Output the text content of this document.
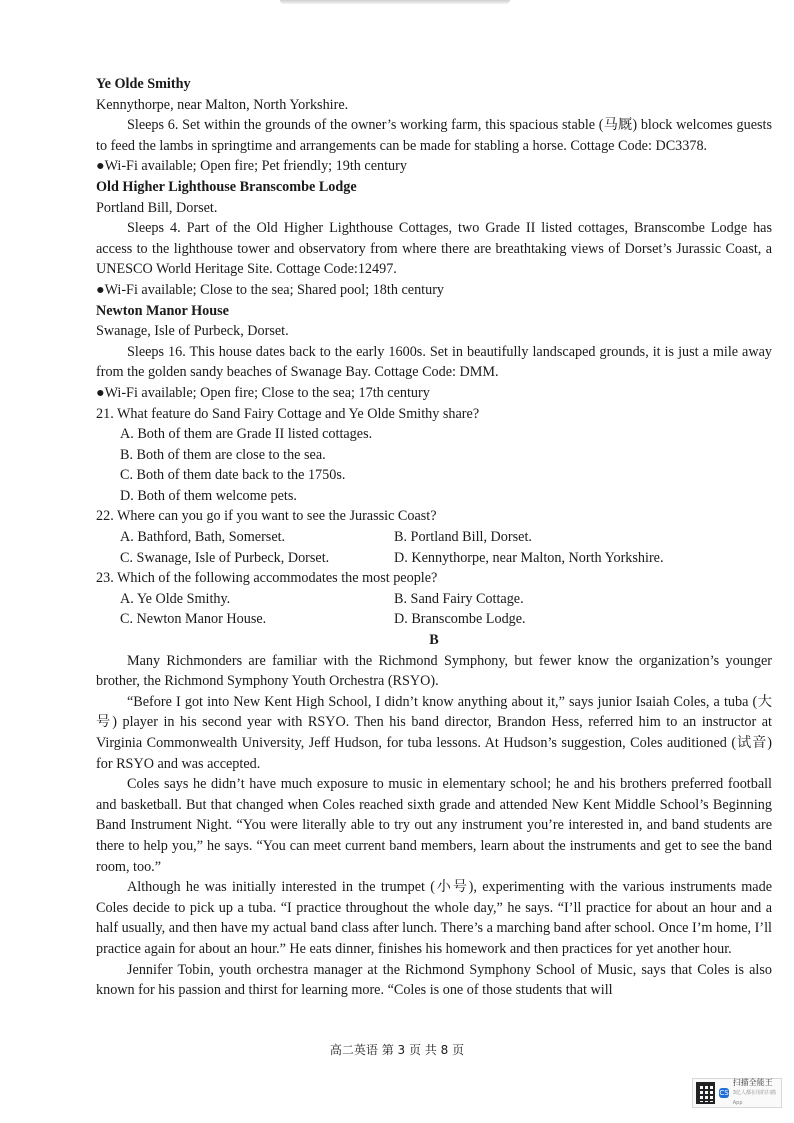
Ye Olde Smithy

Kennythorpe, near Malton, North Yorkshire.

Sleeps 6. Set within the grounds of the owner’s working farm, this spacious stable (马厩) block welcomes guests to feed the lambs in springtime and arrangements can be made for stabling a horse. Cottage Code: DC3378.

●Wi-Fi available; Open fire; Pet friendly; 19th century

Old Higher Lighthouse Branscombe Lodge

Portland Bill, Dorset.

Sleeps 4. Part of the Old Higher Lighthouse Cottages, two Grade II listed cottages, Branscombe Lodge has access to the lighthouse tower and observatory from where there are breathtaking views of Dorset’s Jurassic Coast, a UNESCO World Heritage Site. Cottage Code:12497.

●Wi-Fi available; Close to the sea; Shared pool; 18th century

Newton Manor House

Swanage, Isle of Purbeck, Dorset.

Sleeps 16. This house dates back to the early 1600s. Set in beautifully landscaped grounds, it is just a mile away from the golden sandy beaches of Swanage Bay. Cottage Code: DMM.

●Wi-Fi available; Open fire; Close to the sea; 17th century

21. What feature do Sand Fairy Cottage and Ye Olde Smithy share?

A. Both of them are Grade II listed cottages.

B. Both of them are close to the sea.

C. Both of them date back to the 1750s.

D. Both of them welcome pets.

22. Where can you go if you want to see the Jurassic Coast?

A. Bathford, Bath, Somerset.	B. Portland Bill, Dorset.
C. Swanage, Isle of Purbeck, Dorset.	D. Kennythorpe, near Malton, North Yorkshire.

23. Which of the following accommodates the most people?

A. Ye Olde Smithy.	B. Sand Fairy Cottage.
C. Newton Manor House.	D. Branscombe Lodge.

B

Many Richmonders are familiar with the Richmond Symphony, but fewer know the organization’s younger brother, the Richmond Symphony Youth Orchestra (RSYO).

“Before I got into New Kent High School, I didn’t know anything about it,” says junior Isaiah Coles, a tuba (大号) player in his second year with RSYO. Then his band director, Brandon Hess, referred him to an instructor at Virginia Commonwealth University, Jeff Hudson, for tuba lessons. At Hudson’s suggestion, Coles auditioned (试音) for RSYO and was accepted.

Coles says he didn’t have much exposure to music in elementary school; he and his brothers preferred football and basketball. But that changed when Coles reached sixth grade and attended New Kent Middle School’s Beginning Band Instrument Night. “You were literally able to try out any instrument you’re interested in, and band students are there to help you,” he says. “You can meet current band members, learn about the instruments and get to see the band room, too.”

Although he was initially interested in the trumpet (小号), experimenting with the various instruments made Coles decide to pick up a tuba. “I practice throughout the whole day,” he says. “I’ll practice for about an hour and a half usually, and then have my actual band class after lunch. There’s a marching band after school. Once I’m home, I’ll practice again for about an hour.” He eats dinner, finishes his homework and then practices for yet another hour.

Jennifer Tobin, youth orchestra manager at the Richmond Symphony School of Music, says that Coles is also known for his passion and thirst for learning more. “Coles is one of those students that will

高二英语 第 3 页 共 8 页
CS
扫描全能王
3亿人都在用的扫描App
